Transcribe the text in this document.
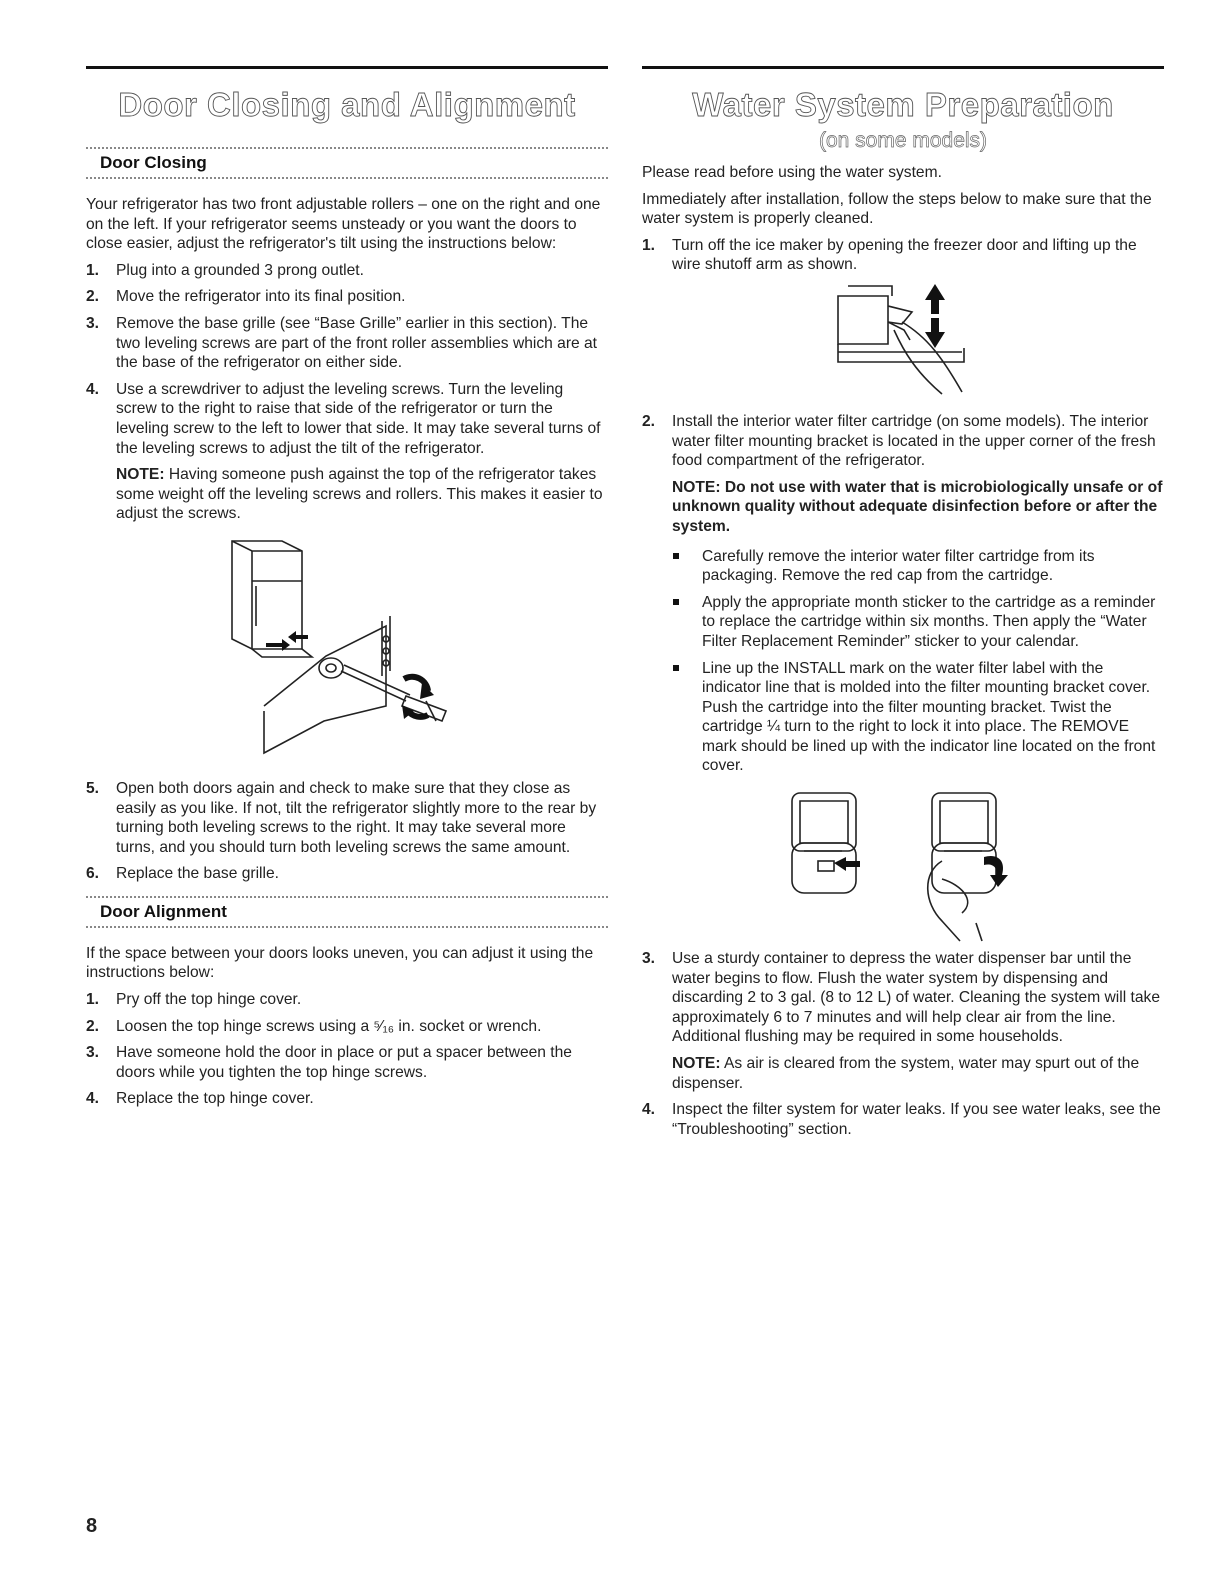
Door Closing and Alignment
Door Closing

Your refrigerator has two front adjustable rollers – one on the right and one on the left. If your refrigerator seems unsteady or you want the doors to close easier, adjust the refrigerator's tilt using the instructions below:

1. Plug into a grounded 3 prong outlet.
2. Move the refrigerator into its final position.
3. Remove the base grille (see “Base Grille” earlier in this section). The two leveling screws are part of the front roller assemblies which are at the base of the refrigerator on either side.
4. Use a screwdriver to adjust the leveling screws. Turn the leveling screw to the right to raise that side of the refrigerator or turn the leveling screw to the left to lower that side. It may take several turns of the leveling screws to adjust the tilt of the refrigerator.

NOTE: Having someone push against the top of the refrigerator takes some weight off the leveling screws and rollers. This makes it easier to adjust the screws.

5. Open both doors again and check to make sure that they close as easily as you like. If not, tilt the refrigerator slightly more to the rear by turning both leveling screws to the right. It may take several more turns, and you should turn both leveling screws the same amount.
6. Replace the base grille.
Door Alignment

If the space between your doors looks uneven, you can adjust it using the instructions below:

1. Pry off the top hinge cover.
2. Loosen the top hinge screws using a ⁵⁄₁₆ in. socket or wrench.
3. Have someone hold the door in place or put a spacer between the doors while you tighten the top hinge screws.
4. Replace the top hinge cover.
Water System Preparation
(on some models)

Please read before using the water system.

Immediately after installation, follow the steps below to make sure that the water system is properly cleaned.

1. Turn off the ice maker by opening the freezer door and lifting up the wire shutoff arm as shown.
2. Install the interior water filter cartridge (on some models). The interior water filter mounting bracket is located in the upper corner of the fresh food compartment of the refrigerator.
NOTE: Do not use with water that is microbiologically unsafe or of unknown quality without adequate disinfection before or after the system.
Carefully remove the interior water filter cartridge from its packaging. Remove the red cap from the cartridge.
Apply the appropriate month sticker to the cartridge as a reminder to replace the cartridge within six months. Then apply the “Water Filter Replacement Reminder” sticker to your calendar.
Line up the INSTALL mark on the water filter label with the indicator line that is molded into the filter mounting bracket cover. Push the cartridge into the filter mounting bracket. Twist the cartridge ¼ turn to the right to lock it into place. The REMOVE mark should be lined up with the indicator line located on the front cover.
3. Use a sturdy container to depress the water dispenser bar until the water begins to flow. Flush the water system by dispensing and discarding 2 to 3 gal. (8 to 12 L) of water. Cleaning the system will take approximately 6 to 7 minutes and will help clear air from the line. Additional flushing may be required in some households.

NOTE: As air is cleared from the system, water may spurt out of the dispenser.

4. Inspect the filter system for water leaks. If you see water leaks, see the “Troubleshooting” section.
8
